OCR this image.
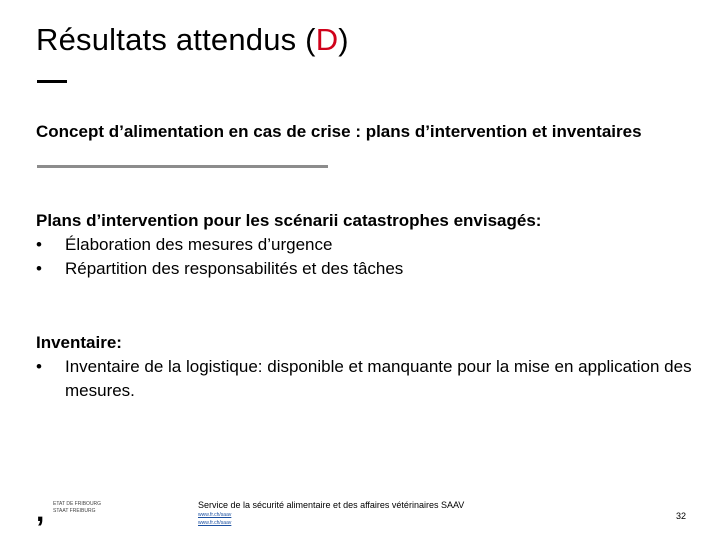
Résultats attendus (D)

Concept d’alimentation en cas de crise : plans d’intervention et inventaires

Plans d’intervention pour les scénarii catastrophes envisagés:
• Élaboration des mesures d’urgence
• Répartition des responsabilités et des tâches
Inventaire:
• Inventaire de la logistique: disponible et manquante pour la mise en application des mesures.
, ETAT DE FRIBOURG
STAAT FREIBURG
Service de la sécurité alimentaire et des affaires vétérinaires SAAV
www.fr.ch/saav
www.fr.ch/saav
32
